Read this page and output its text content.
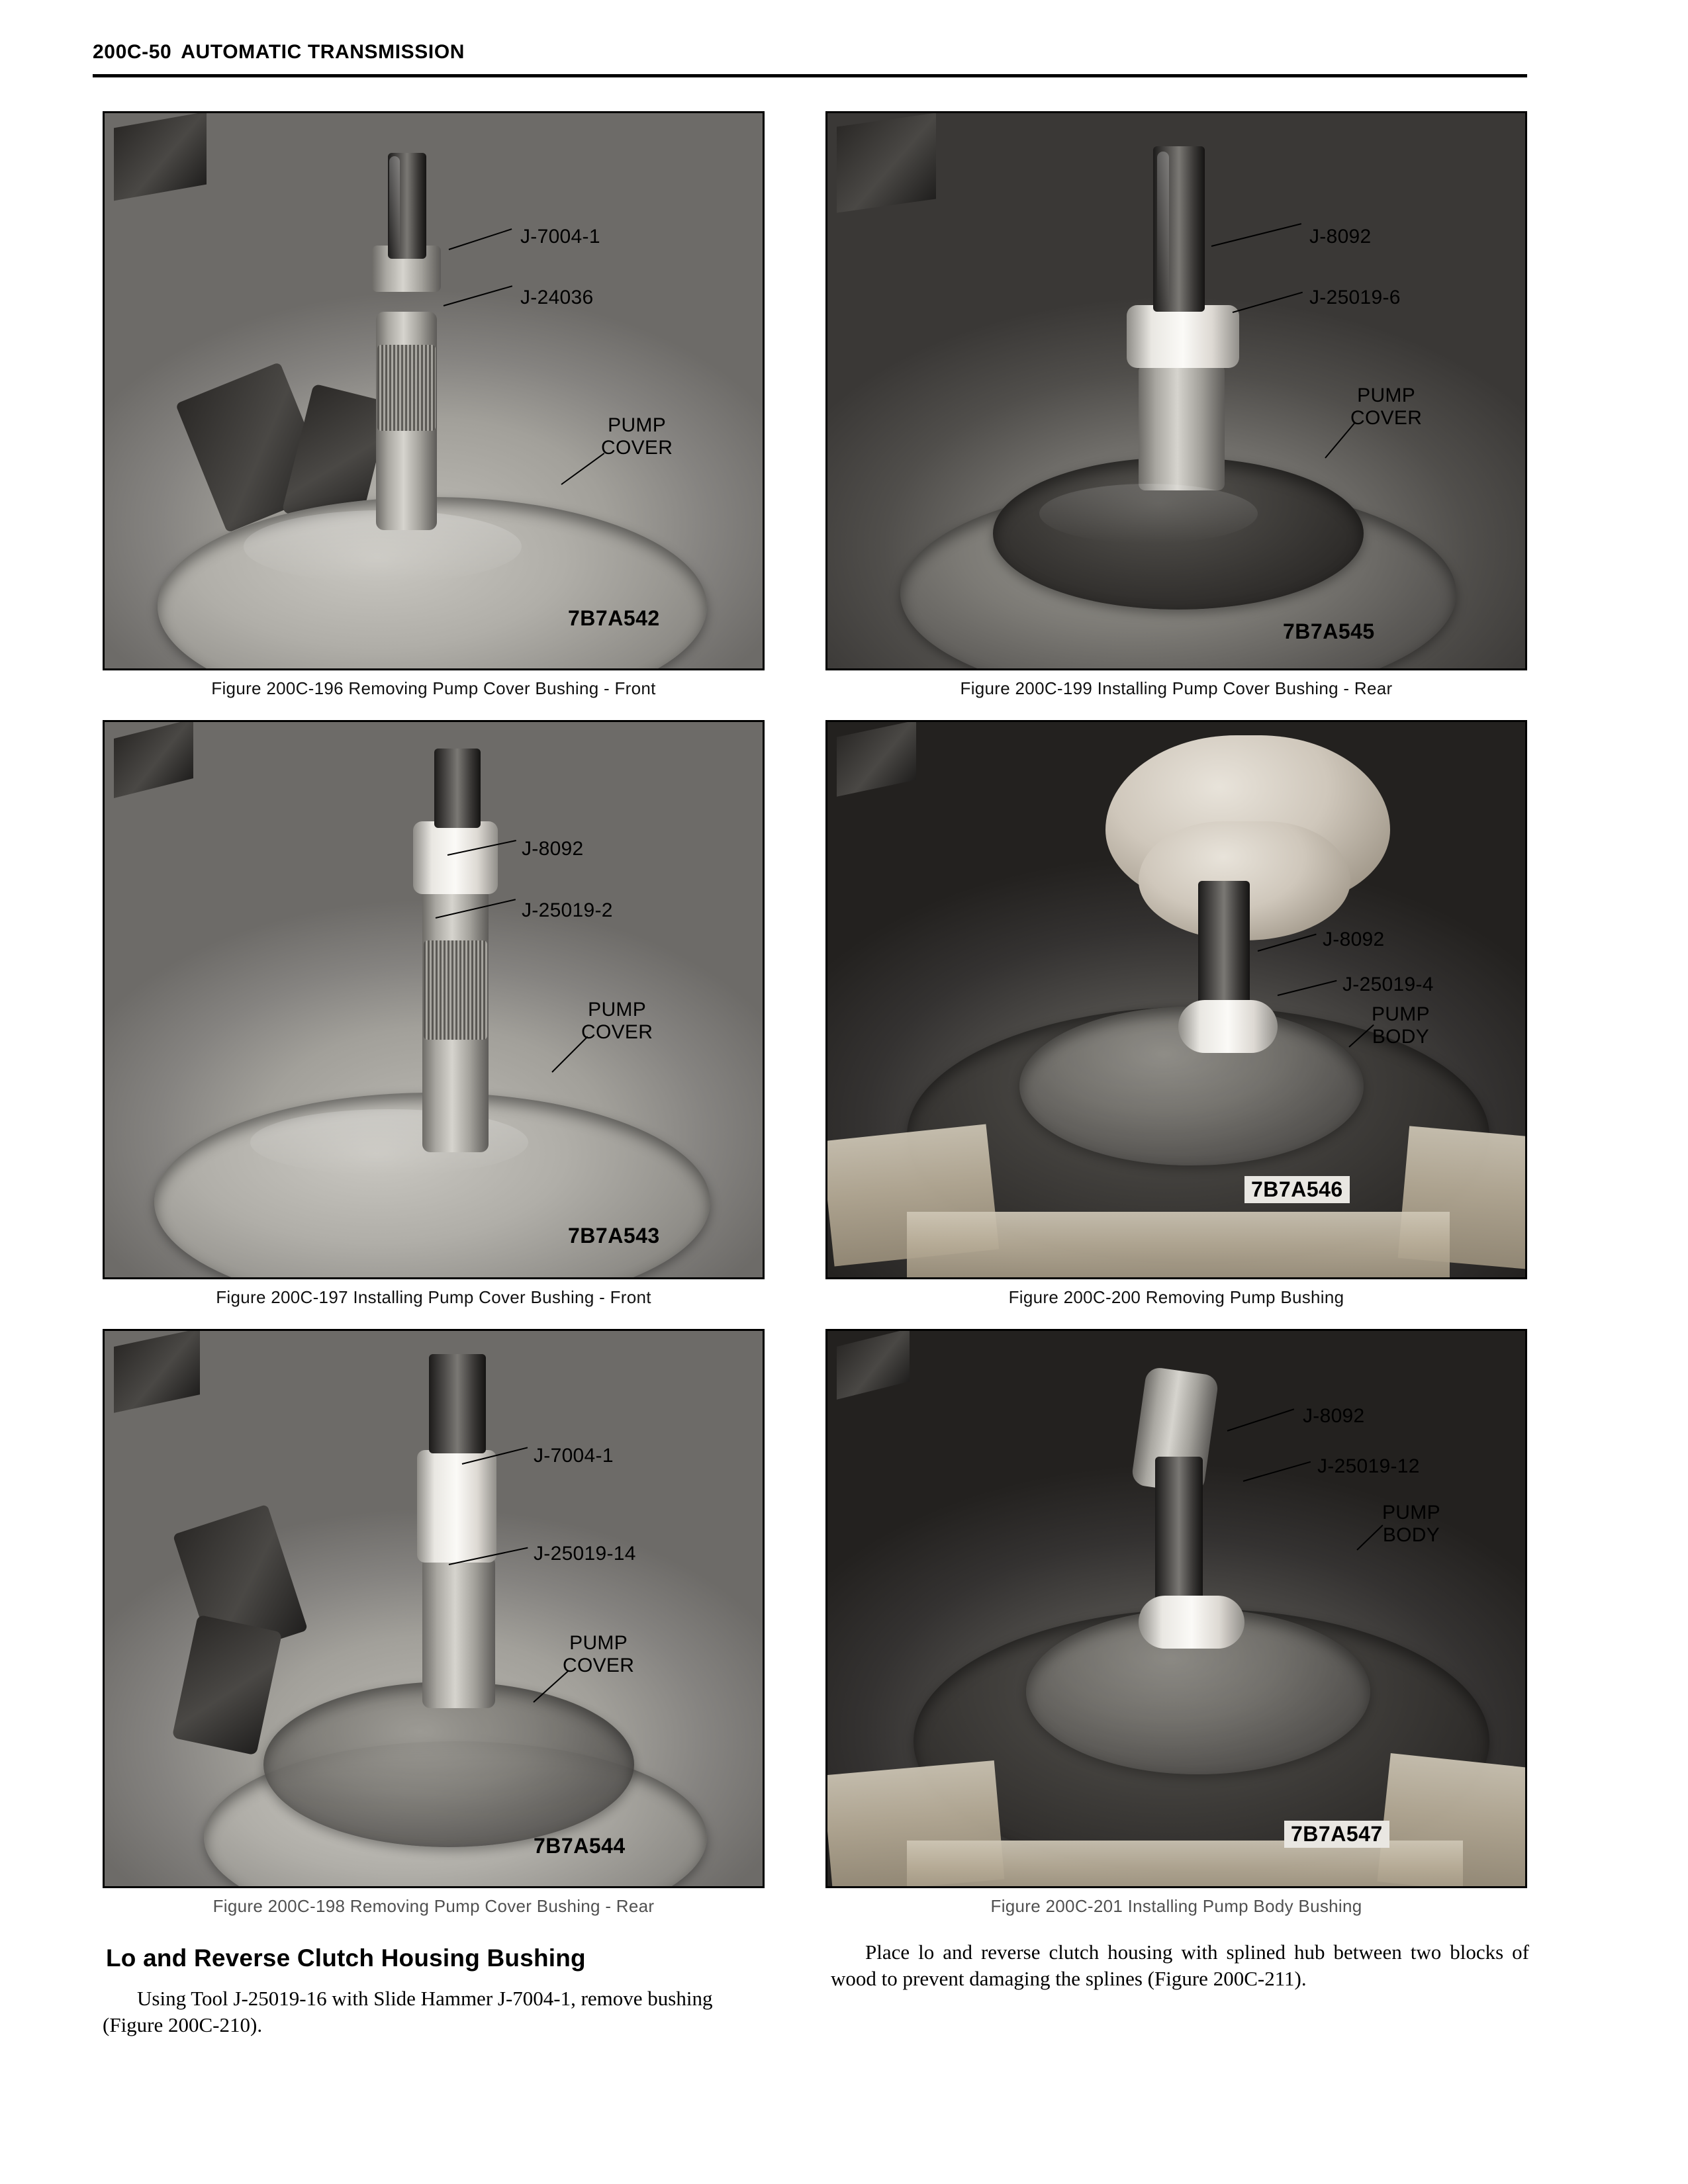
200C-50 AUTOMATIC TRANSMISSION
J-7004-1
J-24036
PUMP
COVER
7B7A542
Figure 200C-196 Removing Pump Cover Bushing - Front
J-8092
J-25019-6
PUMP
COVER
7B7A545
Figure 200C-199 Installing Pump Cover Bushing - Rear
J-8092
J-25019-2
PUMP
COVER
7B7A543
Figure 200C-197 Installing Pump Cover Bushing - Front
J-8092
J-25019-4
PUMP
BODY
7B7A546
Figure 200C-200 Removing Pump Bushing
J-7004-1
J-25019-14
PUMP
COVER
7B7A544
Figure 200C-198 Removing Pump Cover Bushing - Rear
J-8092
J-25019-12
PUMP
BODY
7B7A547
Figure 200C-201 Installing Pump Body Bushing
Lo and Reverse Clutch Housing Bushing
Using Tool J-25019-16 with Slide Hammer J-7004-1, remove bushing (Figure 200C-210).
Place lo and reverse clutch housing with splined hub between two blocks of wood to prevent damaging the splines (Figure 200C-211).
